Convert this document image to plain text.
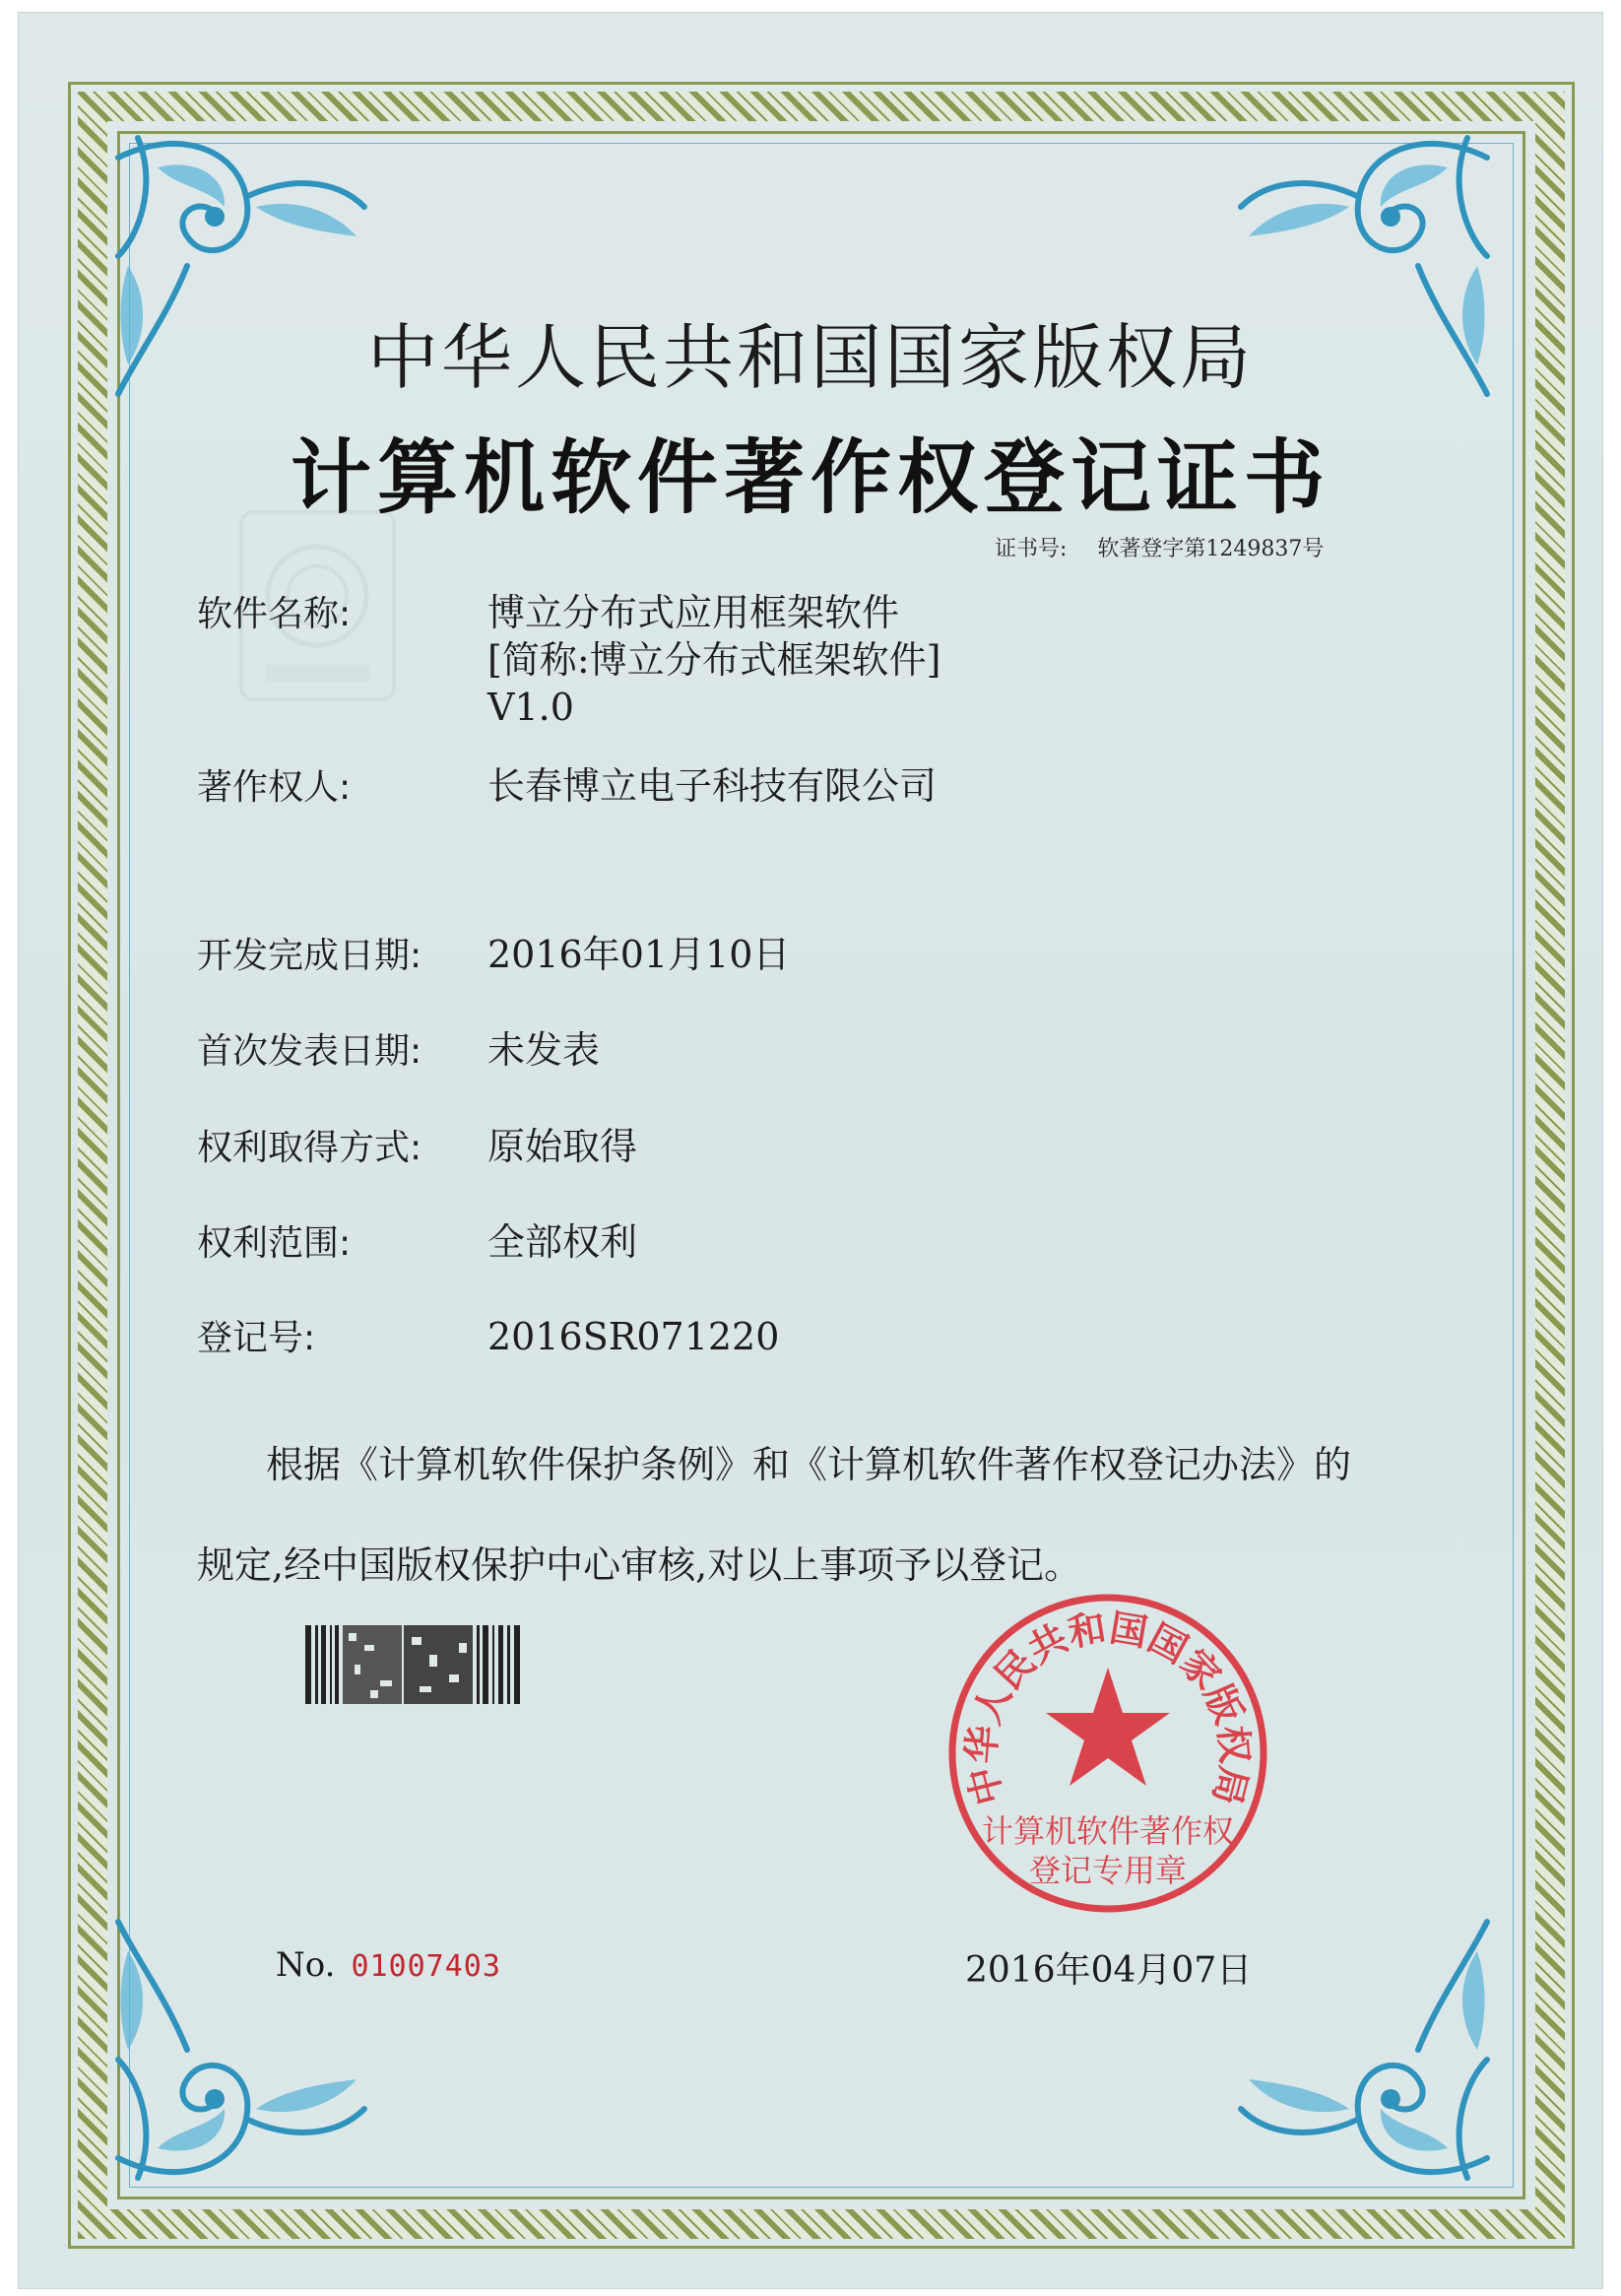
中华人民共和国国家版权局
计算机软件著作权登记证书
证书号: 软著登字第1249837号
软件名称:	博立分布式应用框架软件
[简称:博立分布式框架软件]
V1.0
著作权人:	长春博立电子科技有限公司
开发完成日期: 2016年01月10日
首次发表日期: 未发表
权利取得方式: 原始取得
权利范围:	全部权利
登记号:	2016SR071220
根据《计算机软件保护条例》和《计算机软件著作权登记办法》的
规定,经中国版权保护中心审核,对以上事项予以登记。
中华人民共和国国家版权局
计算机软件著作权
登记专用章
No. 01007403	2016年04月07日
